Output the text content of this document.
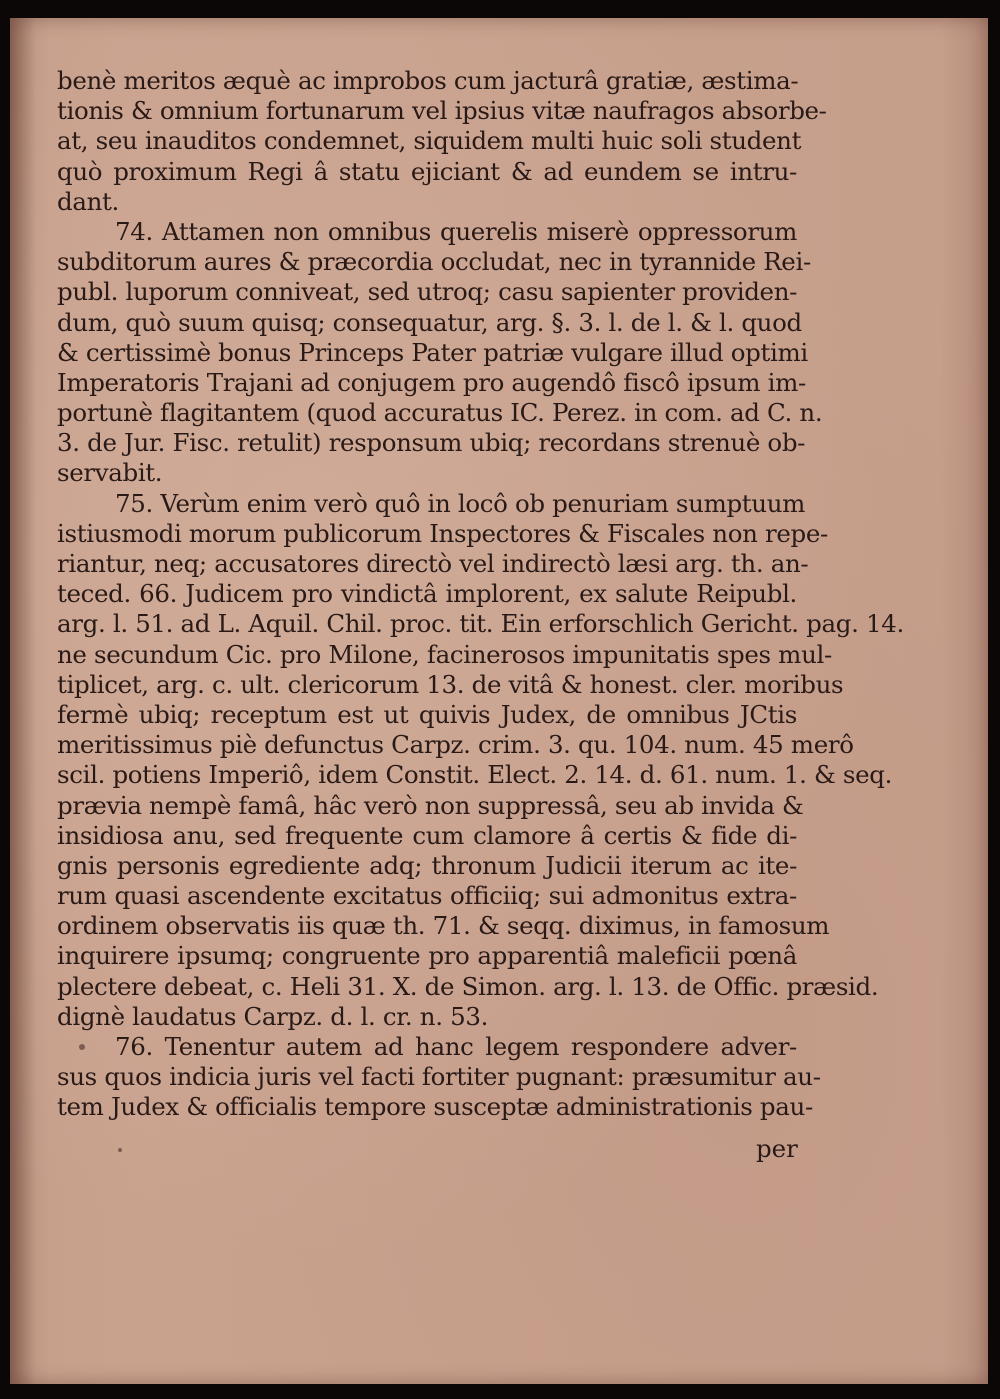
benè meritos æquè ac improbos cum jacturâ gratiæ, æstima-
tionis & omnium fortunarum vel ipsius vitæ naufragos absorbe-
at, seu inauditos condemnet, siquidem multi huic soli student
quò proximum Regi â statu ejiciant & ad eundem se intru-
dant.
74. Attamen non omnibus querelis miserè oppressorum
subditorum aures & præcordia occludat, nec in tyrannide Rei-
publ. luporum conniveat, sed utroq; casu sapienter providen-
dum, quò suum quisq; consequatur, arg. §. 3. l. de l. & l. quod
& certissimè bonus Princeps Pater patriæ vulgare illud optimi
Imperatoris Trajani ad conjugem pro augendô fiscô ipsum im-
portunè flagitantem (quod accuratus IC. Perez. in com. ad C. n.
3. de Jur. Fisc. retulit) responsum ubiq; recordans strenuè ob-
servabit.
75. Verùm enim verò quô in locô ob penuriam sumptuum
istiusmodi morum publicorum Inspectores & Fiscales non repe-
riantur, neq; accusatores directò vel indirectò læsi arg. th. an-
teced. 66. Judicem pro vindictâ implorent, ex salute Reipubl.
arg. l. 51. ad L. Aquil. Chil. proc. tit. Ein erforschlich Gericht. pag. 14.
ne secundum Cic. pro Milone, facinerosos impunitatis spes mul-
tiplicet, arg. c. ult. clericorum 13. de vitâ & honest. cler. moribus
fermè ubiq; receptum est ut quivis Judex, de omnibus JCtis
meritissimus piè defunctus Carpz. crim. 3. qu. 104. num. 45 merô
scil. potiens Imperiô, idem Constit. Elect. 2. 14. d. 61. num. 1. & seq.
prævia nempè famâ, hâc verò non suppressâ, seu ab invida &
insidiosa anu, sed frequente cum clamore â certis & fide di-
gnis personis egrediente adq; thronum Judicii iterum ac ite-
rum quasi ascendente excitatus officiiq; sui admonitus extra-
ordinem observatis iis quæ th. 71. & seqq. diximus, in famosum
inquirere ipsumq; congruente pro apparentiâ maleficii pœnâ
plectere debeat, c. Heli 31. X. de Simon. arg. l. 13. de Offic. præsid.
dignè laudatus Carpz. d. l. cr. n. 53.
76. Tenentur autem ad hanc legem respondere adver-
sus quos indicia juris vel facti fortiter pugnant: præsumitur au-
tem Judex & officialis tempore susceptæ administrationis pau-
per
